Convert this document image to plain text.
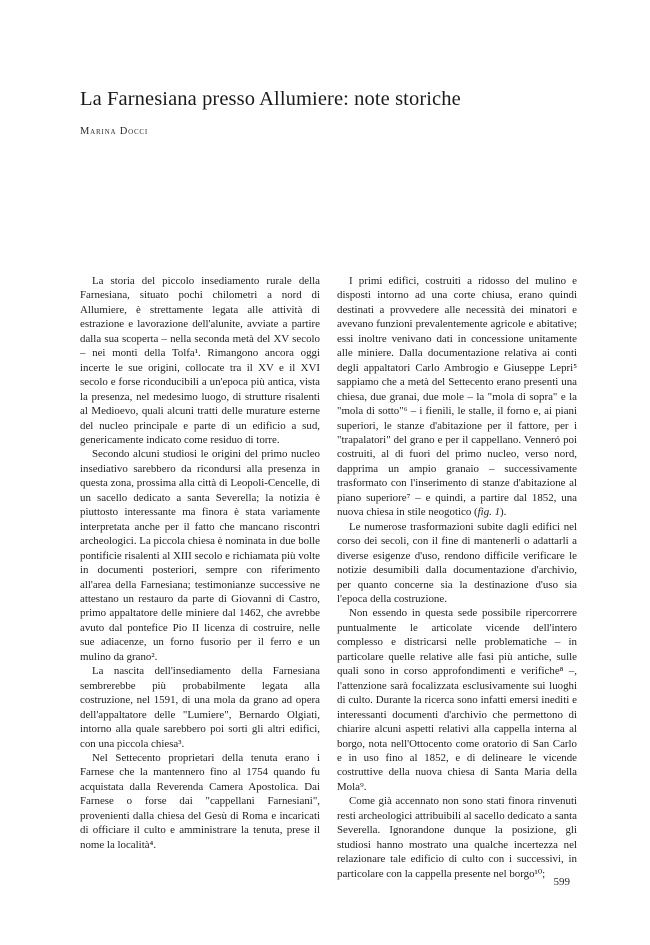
La Farnesiana presso Allumiere: note storiche
Marina Docci

La storia del piccolo insediamento rurale della Farnesiana, situato pochi chilometri a nord di Allumiere, è strettamente legata alle attività di estrazione e lavorazione dell'alunite, avviate a partire dalla sua scoperta – nella seconda metà del XV secolo – nei monti della Tolfa¹. Rimangono ancora oggi incerte le sue origini, collocate tra il XV e il XVI secolo e forse riconducibili a un'epoca più antica, vista la presenza, nel medesimo luogo, di strutture risalenti al Medioevo, quali alcuni tratti delle murature esterne del nucleo principale e parte di un edificio a sud, genericamente indicato come residuo di torre.

Secondo alcuni studiosi le origini del primo nucleo insediativo sarebbero da ricondursi alla presenza in questa zona, prossima alla città di Leopoli-Cencelle, di un sacello dedicato a santa Severella; la notizia è piuttosto interessante ma finora è stata variamente interpretata anche per il fatto che mancano riscontri archeologici. La piccola chiesa è nominata in due bolle pontificie risalenti al XIII secolo e richiamata più volte in documenti posteriori, sempre con riferimento all'area della Farnesiana; testimonianze successive ne attestano un restauro da parte di Giovanni di Castro, primo appaltatore delle miniere dal 1462, che avrebbe avuto dal pontefice Pio II licenza di costruire, nelle sue adiacenze, un forno fusorio per il ferro e un mulino da grano².

La nascita dell'insediamento della Farnesiana sembrerebbe più probabilmente legata alla costruzione, nel 1591, di una mola da grano ad opera dell'appaltatore delle "Lumiere", Bernardo Olgiati, intorno alla quale sarebbero poi sorti gli altri edifici, con una piccola chiesa³.

Nel Settecento proprietari della tenuta erano i Farnese che la mantennero fino al 1754 quando fu acquistata dalla Reverenda Camera Apostolica. Dai Farnese o forse dai "cappellani Farnesiani", provenienti dalla chiesa del Gesù di Roma e incaricati di officiare il culto e amministrare la tenuta, prese il nome la località⁴.

I primi edifici, costruiti a ridosso del mulino e disposti intorno ad una corte chiusa, erano quindi destinati a provvedere alle necessità dei minatori e avevano funzioni prevalentemente agricole e abitative; essi inoltre venivano dati in concessione unitamente alle miniere. Dalla documentazione relativa ai conti degli appaltatori Carlo Ambrogio e Giuseppe Lepri⁵ sappiamo che a metà del Settecento erano presenti una chiesa, due granai, due mole – la "mola di sopra" e la "mola di sotto"⁶ – i fienili, le stalle, il forno e, ai piani superiori, le stanze d'abitazione per il fattore, per i "trapalatori" del grano e per il cappellano. Venneró poi costruiti, al di fuori del primo nucleo, verso nord, dapprima un ampio granaio – successivamente trasformato con l'inserimento di stanze d'abitazione al piano superiore⁷ – e quindi, a partire dal 1852, una nuova chiesa in stile neogotico (fig. 1).

Le numerose trasformazioni subite dagli edifici nel corso dei secoli, con il fine di mantenerli o adattarli a diverse esigenze d'uso, rendono difficile verificare le notizie desumibili dalla documentazione d'archivio, per quanto concerne sia la destinazione d'uso sia l'epoca della costruzione.

Non essendo in questa sede possibile ripercorrere puntualmente le articolate vicende dell'intero complesso e districarsi nelle problematiche – in particolare quelle relative alle fasi più antiche, sulle quali sono in corso approfondimenti e verifiche⁸ –, l'attenzione sarà focalizzata esclusivamente sui luoghi di culto. Durante la ricerca sono infatti emersi inediti e interessanti documenti d'archivio che permettono di chiarire alcuni aspetti relativi alla cappella interna al borgo, nota nell'Ottocento come oratorio di San Carlo e in uso fino al 1852, e di delineare le vicende costruttive della nuova chiesa di Santa Maria della Mola⁹.

Come già accennato non sono stati finora rinvenuti resti archeologici attribuibili al sacello dedicato a santa Severella. Ignorandone dunque la posizione, gli studiosi hanno mostrato una qualche incertezza nel relazionare tale edificio di culto con i successivi, in particolare con la cappella presente nel borgo¹⁰;

599
